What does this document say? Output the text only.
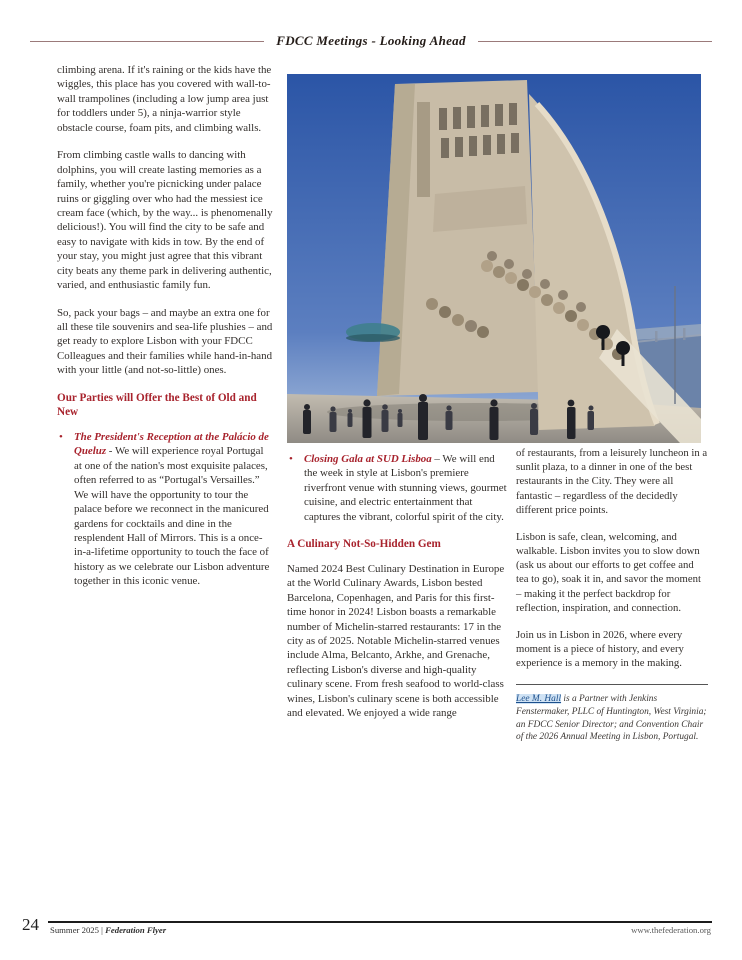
FDCC Meetings - Looking Ahead

climbing arena. If it's raining or the kids have the wiggles, this place has you covered with wall-to-wall trampolines (including a low jump area just for toddlers under 5), a ninja-warrior style obstacle course, foam pits, and climbing walls.

From climbing castle walls to dancing with dolphins, you will create lasting memories as a family, whether you're picnicking under palace ruins or giggling over who had the messiest ice cream face (which, by the way... is phenomenally delicious!). You will find the city to be safe and easy to navigate with kids in tow. By the end of your stay, you might just agree that this vibrant city beats any theme park in delivering authentic, varied, and enthusiastic family fun.

So, pack your bags – and maybe an extra one for all these tile souvenirs and sea-life plushies – and get ready to explore Lisbon with your FDCC Colleagues and their families while hand-in-hand with your little (and not-so-little) ones.

Our Parties will Offer the Best of Old and New
• The President's Reception at the Palácio de Queluz - We will experience royal Portugal at one of the nation's most exquisite palaces, often referred to as “Portugal's Versailles.” We will have the opportunity to tour the palace before we reconnect in the manicured gardens for cocktails and dine in the resplendent Hall of Mirrors. This is a once-in-a-lifetime opportunity to touch the face of history as we celebrate our Lisbon adventure together in this iconic venue.
• Closing Gala at SUD Lisboa – We will end the week in style at Lisbon's premiere riverfront venue with stunning views, gourmet cuisine, and electric entertainment that captures the vibrant, colorful spirit of the city.
A Culinary Not-So-Hidden Gem

Named 2024 Best Culinary Destination in Europe at the World Culinary Awards, Lisbon bested Barcelona, Copenhagen, and Paris for this first-time honor in 2024! Lisbon boasts a remarkable number of Michelin-starred restaurants: 17 in the city as of 2025. Notable Michelin-starred venues include Alma, Belcanto, Arkhe, and Grenache, reflecting Lisbon's diverse and high-quality culinary scene. From fresh seafood to world-class wines, Lisbon's culinary scene is both accessible and elevated. We enjoyed a wide range

of restaurants, from a leisurely luncheon in a sunlit plaza, to a dinner in one of the best restaurants in the City. They were all fantastic – regardless of the decidedly different price points.

Lisbon is safe, clean, welcoming, and walkable. Lisbon invites you to slow down (ask us about our efforts to get coffee and tea to go), soak it in, and savor the moment – making it the perfect backdrop for reflection, inspiration, and connection.

Join us in Lisbon in 2026, where every moment is a piece of history, and every experience is a memory in the making.

Lee M. Hall is a Partner with Jenkins Fenstermaker, PLLC of Huntington, West Virginia; an FDCC Senior Director; and Convention Chair of the 2026 Annual Meeting in Lisbon, Portugal.
24 Summer 2025 | Federation Flyer	www.thefederation.org
